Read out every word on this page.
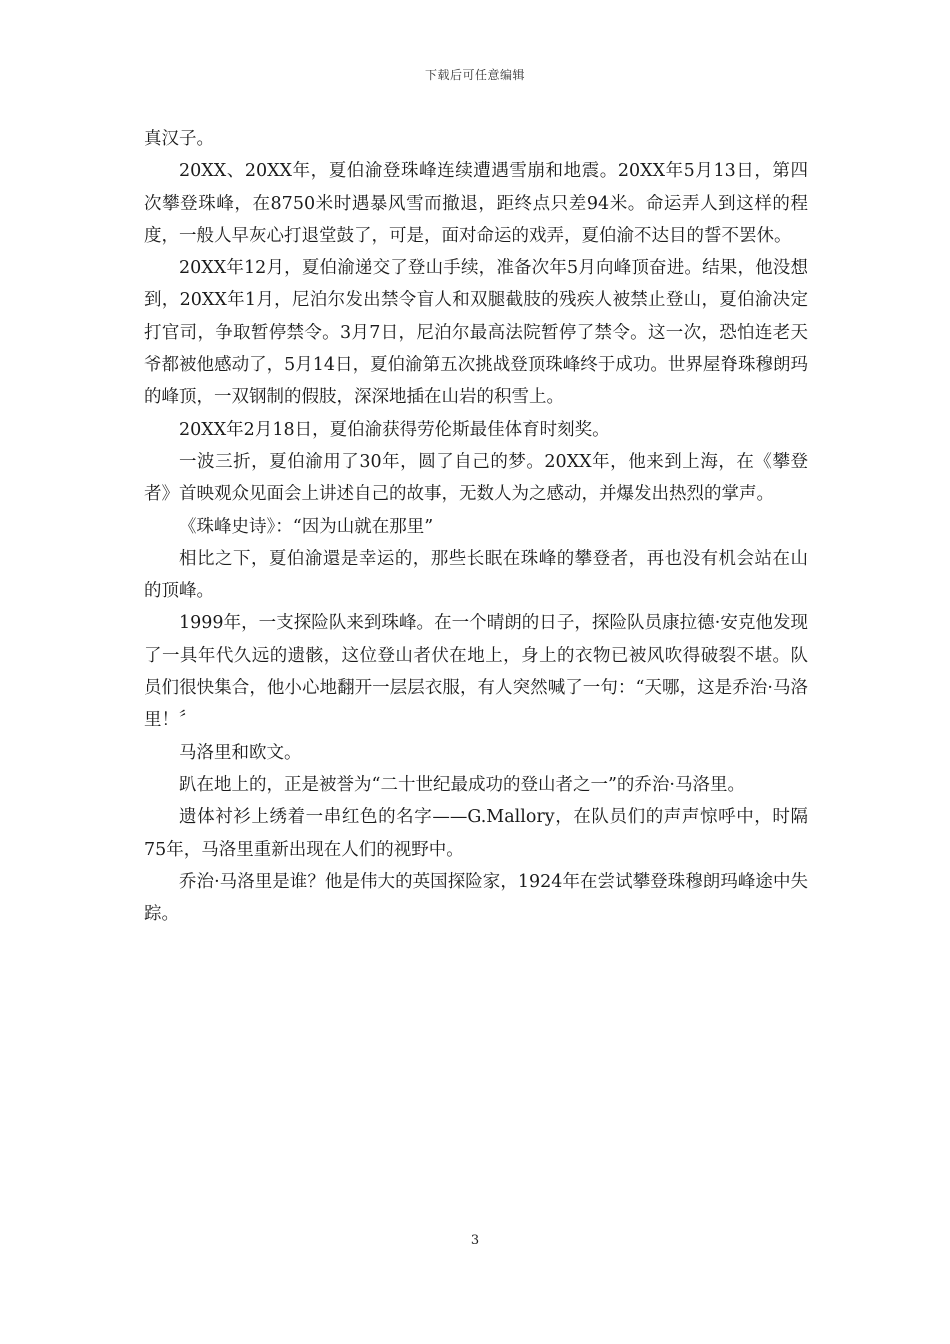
下载后可任意编辑

真汉子。

20XX、20XX年，夏伯渝登珠峰连续遭遇雪崩和地震。20XX年5月13日，第四次攀登珠峰，在8750米时遇暴风雪而撤退，距终点只差94米。命运弄人到这样的程度，一般人早灰心打退堂鼓了，可是，面对命运的戏弄，夏伯渝不达目的誓不罢休。

20XX年12月，夏伯渝递交了登山手续，准备次年5月向峰顶奋进。结果，他没想到，20XX年1月，尼泊尔发出禁令盲人和双腿截肢的残疾人被禁止登山，夏伯渝决定打官司，争取暂停禁令。3月7日，尼泊尔最高法院暂停了禁令。这一次，恐怕连老天爷都被他感动了，5月14日，夏伯渝第五次挑战登顶珠峰终于成功。世界屋脊珠穆朗玛的峰顶，一双钢制的假肢，深深地插在山岩的积雪上。

20XX年2月18日，夏伯渝获得劳伦斯最佳体育时刻奖。

一波三折，夏伯渝用了30年，圆了自己的梦。20XX年，他来到上海，在《攀登者》首映观众见面会上讲述自己的故事，无数人为之感动，并爆发出热烈的掌声。

《珠峰史诗》：“因为山就在那里”

相比之下，夏伯渝還是幸运的，那些长眠在珠峰的攀登者，再也没有机会站在山的顶峰。

1999年，一支探险队来到珠峰。在一个晴朗的日子，探险队员康拉德·安克他发现了一具年代久远的遗骸，这位登山者伏在地上，身上的衣物已被风吹得破裂不堪。队员们很快集合，他小心地翻开一层层衣服，有人突然喊了一句：“天哪，这是乔治·马洛里！〞

马洛里和欧文。

趴在地上的，正是被誉为“二十世纪最成功的登山者之一”的乔治·马洛里。

遗体衬衫上绣着一串红色的名字——G.Mallory，在队员们的声声惊呼中，时隔75年，马洛里重新出现在人们的视野中。

乔治·马洛里是谁？他是伟大的英国探险家，1924年在尝试攀登珠穆朗玛峰途中失踪。

3
